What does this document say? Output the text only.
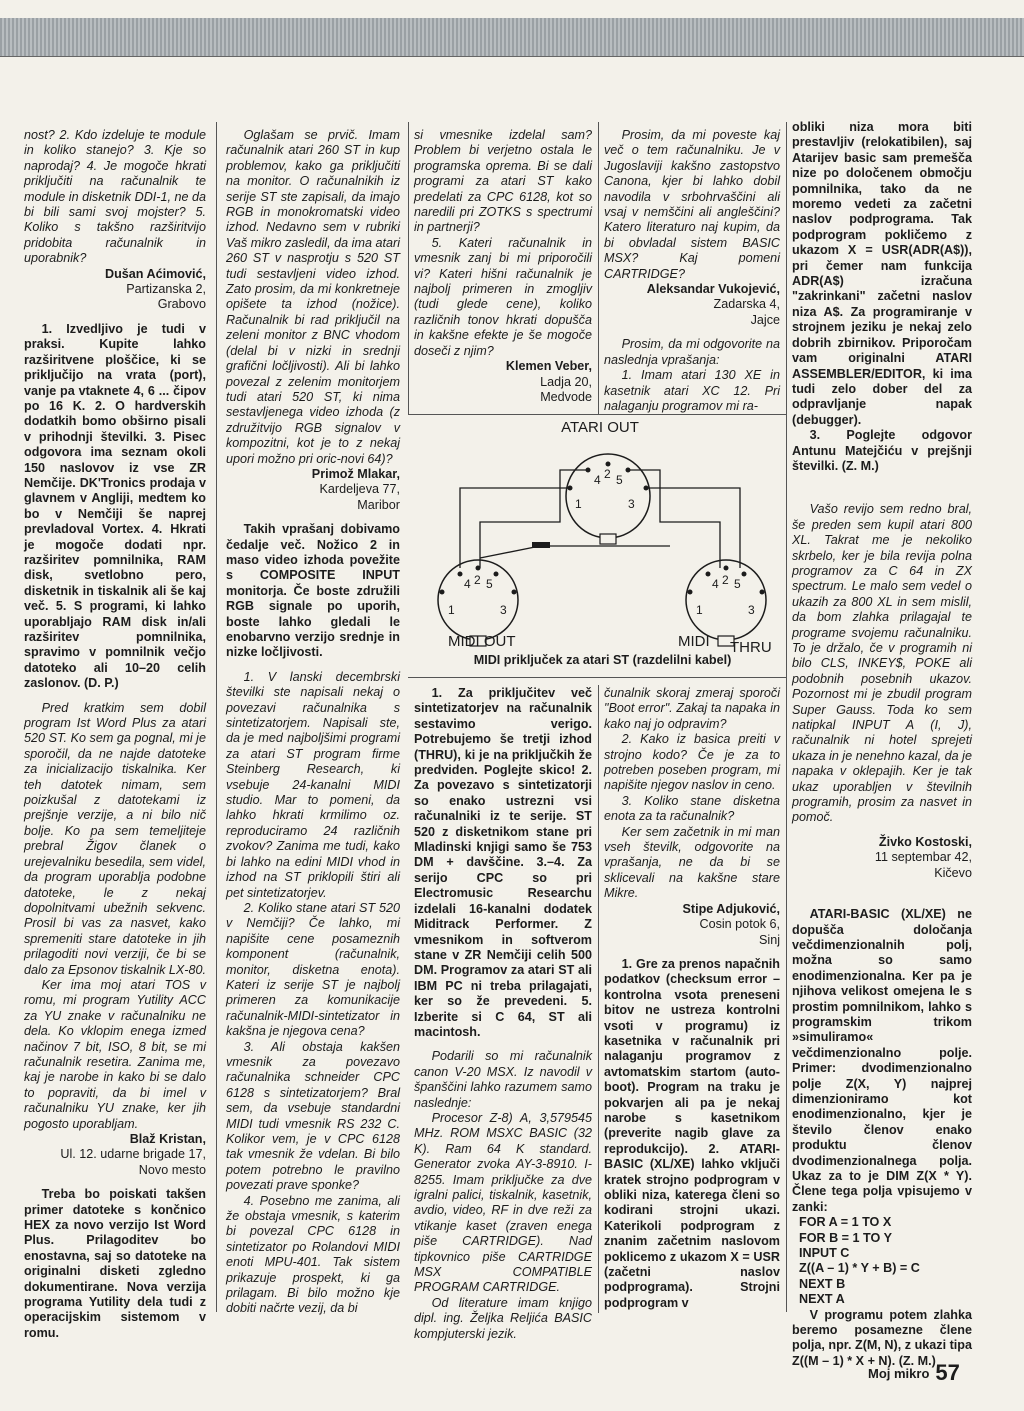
nost? 2. Kdo izdeluje te module in koliko stanejo? 3. Kje so naprodaj? 4. Je mogoče hkrati priključiti na računalnik te module in disketnik DDI-1, ne da bi bili sami svoj mojster? 5. Koliko s takšno razširitvijo pridobita računalnik in uporabnik?

Dušan Aćimović,

Partizanska 2,

Grabovo

1. Izvedljivo je tudi v praksi. Kupite lahko razširitvene ploščice, ki se priključijo na vrata (port), vanje pa vtaknete 4, 6 ... čipov po 16 K. 2. O hardverskih dodatkih bomo obširno pisali v prihodnji številki. 3. Pisec odgovora ima seznam okoli 150 naslovov iz vse ZR Nemčije. DK'Tronics prodaja v glavnem v Angliji, medtem ko bo v Nemčiji še naprej prevladoval Vortex. 4. Hkrati je mogoče dodati npr. razširitev pomnilnika, RAM disk, svetlobno pero, disketnik in tiskalnik ali še kaj več. 5. S programi, ki lahko uporabljajo RAM disk in/ali razširitev pomnilnika, spravimo v pomnilnik večjo datoteko ali 10–20 celih zaslonov. (D. P.)

Pred kratkim sem dobil program Ist Word Plus za atari 520 ST. Ko sem ga pognal, mi je sporočil, da ne najde datoteke za inicializacijo tiskalnika. Ker teh datotek nimam, sem poizkušal z datotekami iz prejšnje verzije, a ni bilo nič bolje. Ko pa sem temeljiteje prebral Žigov članek o urejevalniku besedila, sem videl, da program uporablja podobne datoteke, le z nekaj dopolnitvami ubežnih sekvenc. Prosil bi vas za nasvet, kako spremeniti stare datoteke in jih prilagoditi novi verziji, če bi se dalo za Epsonov tiskalnik LX-80.

Ker ima moj atari TOS v romu, mi program Yutility ACC za YU znake v računalniku ne dela. Ko vklopim enega izmed načinov 7 bit, ISO, 8 bit, se mi računalnik resetira. Zanima me, kaj je narobe in kako bi se dalo to popraviti, da bi imel v računalniku YU znake, ker jih pogosto uporabljam.

Blaž Kristan,

Ul. 12. udarne brigade 17,

Novo mesto

Treba bo poiskati takšen primer datoteke s končnico HEX za novo verzijo Ist Word Plus. Prilagoditev bo enostavna, saj so datoteke na originalni disketi zgledno dokumentirane. Nova verzija programa Yutility dela tudi z operacijskim sistemom v romu.

Oglašam se prvič. Imam računalnik atari 260 ST in kup problemov, kako ga priključiti na monitor. O računalnikih iz serije ST ste zapisali, da imajo RGB in monokromatski video izhod. Nedavno sem v rubriki Vaš mikro zasledil, da ima atari 260 ST v nasprotju s 520 ST tudi sestavljeni video izhod. Zato prosim, da mi konkretneje opišete ta izhod (nožice). Računalnik bi rad priključil na zeleni monitor z BNC vhodom (delal bi v nizki in srednji grafični ločljivosti). Ali bi lahko povezal z zelenim monitorjem tudi atari 520 ST, ki nima sestavljenega video izhoda (z združitvijo RGB signalov v kompozitni, kot je to z nekaj upori možno pri oric-novi 64)?

Primož Mlakar,

Kardeljeva 77,

Maribor

Takih vprašanj dobivamo čedalje več. Nožico 2 in maso video izhoda povežite s COMPOSITE INPUT monitorja. Če boste združili RGB signale po uporih, boste lahko gledali le enobarvno verzijo srednje in nizke ločljivosti.

1. V lanski decembrski številki ste napisali nekaj o povezavi računalnika s sintetizatorjem. Napisali ste, da je med najboljšimi programi za atari ST program firme Steinberg Research, ki vsebuje 24-kanalni MIDI studio. Mar to pomeni, da lahko hkrati krmilimo oz. reproduciramo 24 različnih zvokov? Zanima me tudi, kako bi lahko na edini MIDI vhod in izhod na ST priklopili štiri ali pet sintetizatorjev.

2. Koliko stane atari ST 520 v Nemčiji? Če lahko, mi napišite cene posameznih komponent (računalnik, monitor, disketna enota). Kateri iz serije ST je najbolj primeren za komunikacije računalnik-MIDI-sintetizator in kakšna je njegova cena?

3. Ali obstaja kakšen vmesnik za povezavo računalnika schneider CPC 6128 s sintetizatorjem? Bral sem, da vsebuje standardni MIDI tudi vmesnik RS 232 C. Kolikor vem, je v CPC 6128 tak vmesnik že vdelan. Bi bilo potem potrebno le pravilno povezati prave sponke?

4. Posebno me zanima, ali že obstaja vmesnik, s katerim bi povezal CPC 6128 in sintetizator po Rolandovi MIDI enoti MPU-401. Tak sistem prikazuje prospekt, ki ga prilagam. Bi bilo možno kje dobiti načrte vezij, da bi

si vmesnike izdelal sam? Problem bi verjetno ostala le programska oprema. Bi se dali programi za atari ST kako predelati za CPC 6128, kot so naredili pri ZOTKS s spectrumi in partnerji?

5. Kateri računalnik in vmesnik zanj bi mi priporočili vi? Kateri hišni računalnik je najbolj primeren in zmogljiv (tudi glede cene), koliko različnih tonov hkrati dopušča in kakšne efekte je še mogoče doseči z njim?

Klemen Veber,

Ladja 20,

Medvode

Prosim, da mi poveste kaj več o tem računalniku. Je v Jugoslaviji kakšno zastopstvo Canona, kjer bi lahko dobil navodila v srbohrvaščini ali vsaj v nemščini ali angleščini? Katero literaturo naj kupim, da bi obvladal sistem BASIC MSX? Kaj pomeni CARTRIDGE?

Aleksandar Vukojević,

Zadarska 4,

Jajce

Prosim, da mi odgovorite na naslednja vprašanja:

1. Imam atari 130 XE in kasetnik atari XC 12. Pri nalaganju programov mi ra-

ATARI OUT
1
2
3
4 5
1
2
3
4 5
1
2
3
4 5
MIDI OUT	MIDI THRU
MIDI priključek za atari ST (razdelilni kabel)

1. Za priključitev več sintetizatorjev na računalnik sestavimo verigo. Potrebujemo še tretji izhod (THRU), ki je na priključkih že predviden. Poglejte skico! 2. Za povezavo s sintetizatorji so enako ustrezni vsi računalniki iz te serije. ST 520 z disketnikom stane pri Mladinski knjigi samo še 753 DM + davščine. 3.–4. Za serijo CPC so pri Electromusic Researchu izdelali 16-kanalni dodatek Miditrack Performer. Z vmesnikom in softverom stane v ZR Nemčiji celih 500 DM. Programov za atari ST ali IBM PC ni treba prilagajati, ker so že prevedeni. 5. Izberite si C 64, ST ali macintosh.

Podarili so mi računalnik canon V-20 MSX. Iz navodil v španščini lahko razumem samo naslednje:

Procesor Z-8) A, 3,579545 MHz. ROM MSXC BASIC (32 K). Ram 64 K standard. Generator zvoka AY-3-8910. I-8255. Imam priključke za dve igralni palici, tiskalnik, kasetnik, avdio, video, RF in dve reži za vtikanje kaset (zraven enega piše CARTRIDGE). Nad tipkovnico piše CARTRIDGE MSX COMPATIBLE PROGRAM CARTRIDGE.

Od literature imam knjigo dipl. ing. Željka Reljića BASIC kompjuterski jezik.

čunalnik skoraj zmeraj sporoči "Boot error". Zakaj ta napaka in kako naj jo odpravim?

2. Kako iz basica preiti v strojno kodo? Če je za to potreben poseben program, mi napišite njegov naslov in ceno.

3. Koliko stane disketna enota za ta računalnik?

Ker sem začetnik in mi man vseh številk, odgovorite na vprašanja, ne da bi se sklicevali na kakšne stare Mikre.

Stipe Adjuković,

Cosin potok 6,

Sinj

1. Gre za prenos napačnih podatkov (checksum error – kontrolna vsota preneseni bitov ne ustreza kontrolni vsoti v programu) iz kasetnika v računalnik pri nalaganju programov z avtomatskim startom (auto-boot). Program na traku je pokvarjen ali pa je nekaj narobe s kasetnikom (preverite nagib glave za reprodukcijo). 2. ATARI-BASIC (XL/XE) lahko vključi kratek strojno podprogram v obliki niza, katerega členi so kodirani strojni ukazi. Katerikoli podprogram z znanim začetnim naslovom poklicemo z ukazom X = USR (začetni naslov podprograma). Strojni podprogram v

obliki niza mora biti prestavljiv (relokatibilen), saj Atarijev basic sam premešča nize po določenem območju pomnilnika, tako da ne moremo vedeti za začetni naslov podprograma. Tak podprogram pokličemo z ukazom X = USR(ADR(A$)), pri čemer nam funkcija ADR(A$) izračuna "zakrinkani" začetni naslov niza A$. Za programiranje v strojnem jeziku je nekaj zelo dobrih zbirnikov. Priporočam vam originalni ATARI ASSEMBLER/EDITOR, ki ima tudi zelo dober del za odpravljanje napak (debugger).

3. Poglejte odgovor Antunu Matejčiću v prejšnji številki. (Z. M.)

Vašo revijo sem redno bral, še preden sem kupil atari 800 XL. Takrat me je nekoliko skrbelo, ker je bila revija polna programov za C 64 in ZX spectrum. Le malo sem vedel o ukazih za 800 XL in sem mislil, da bom zlahka prilagajal te programe svojemu računalniku. To je držalo, če v programih ni bilo CLS, INKEY$, POKE ali podobnih posebnih ukazov. Pozornost mi je zbudil program Super Gauss. Toda ko sem natipkal INPUT A (I, J), računalnik ni hotel sprejeti ukaza in je nenehno kazal, da je napaka v oklepajih. Ker je tak ukaz uporabljen v številnih programih, prosim za nasvet in pomoč.

Živko Kostoski,

11 septembar 42,

Kičevo

ATARI-BASIC (XL/XE) ne dopušča določanja večdimenzionalnih polj, možna so samo enodimenzionalna. Ker pa je njihova velikost omejena le s prostim pomnilnikom, lahko s programskim trikom »simuliramo« večdimenzionalno polje. Primer: dvodimenzionalno polje Z(X, Y) najprej dimenzioniramo kot enodimenzionalno, kjer je število členov enako produktu členov dvodimenzionalnega polja. Ukaz za to je DIM Z(X * Y). Člene tega polja vpisujemo v zanki:

FOR A = 1 TO X

FOR B = 1 TO Y

INPUT C

Z((A – 1) * Y + B) = C

NEXT B

NEXT A

V programu potem zlahka beremo posamezne člene polja, npr. Z(M, N), z ukazi tipa Z((M – 1) * X + N). (Z. M.)

Moj mikro 57
